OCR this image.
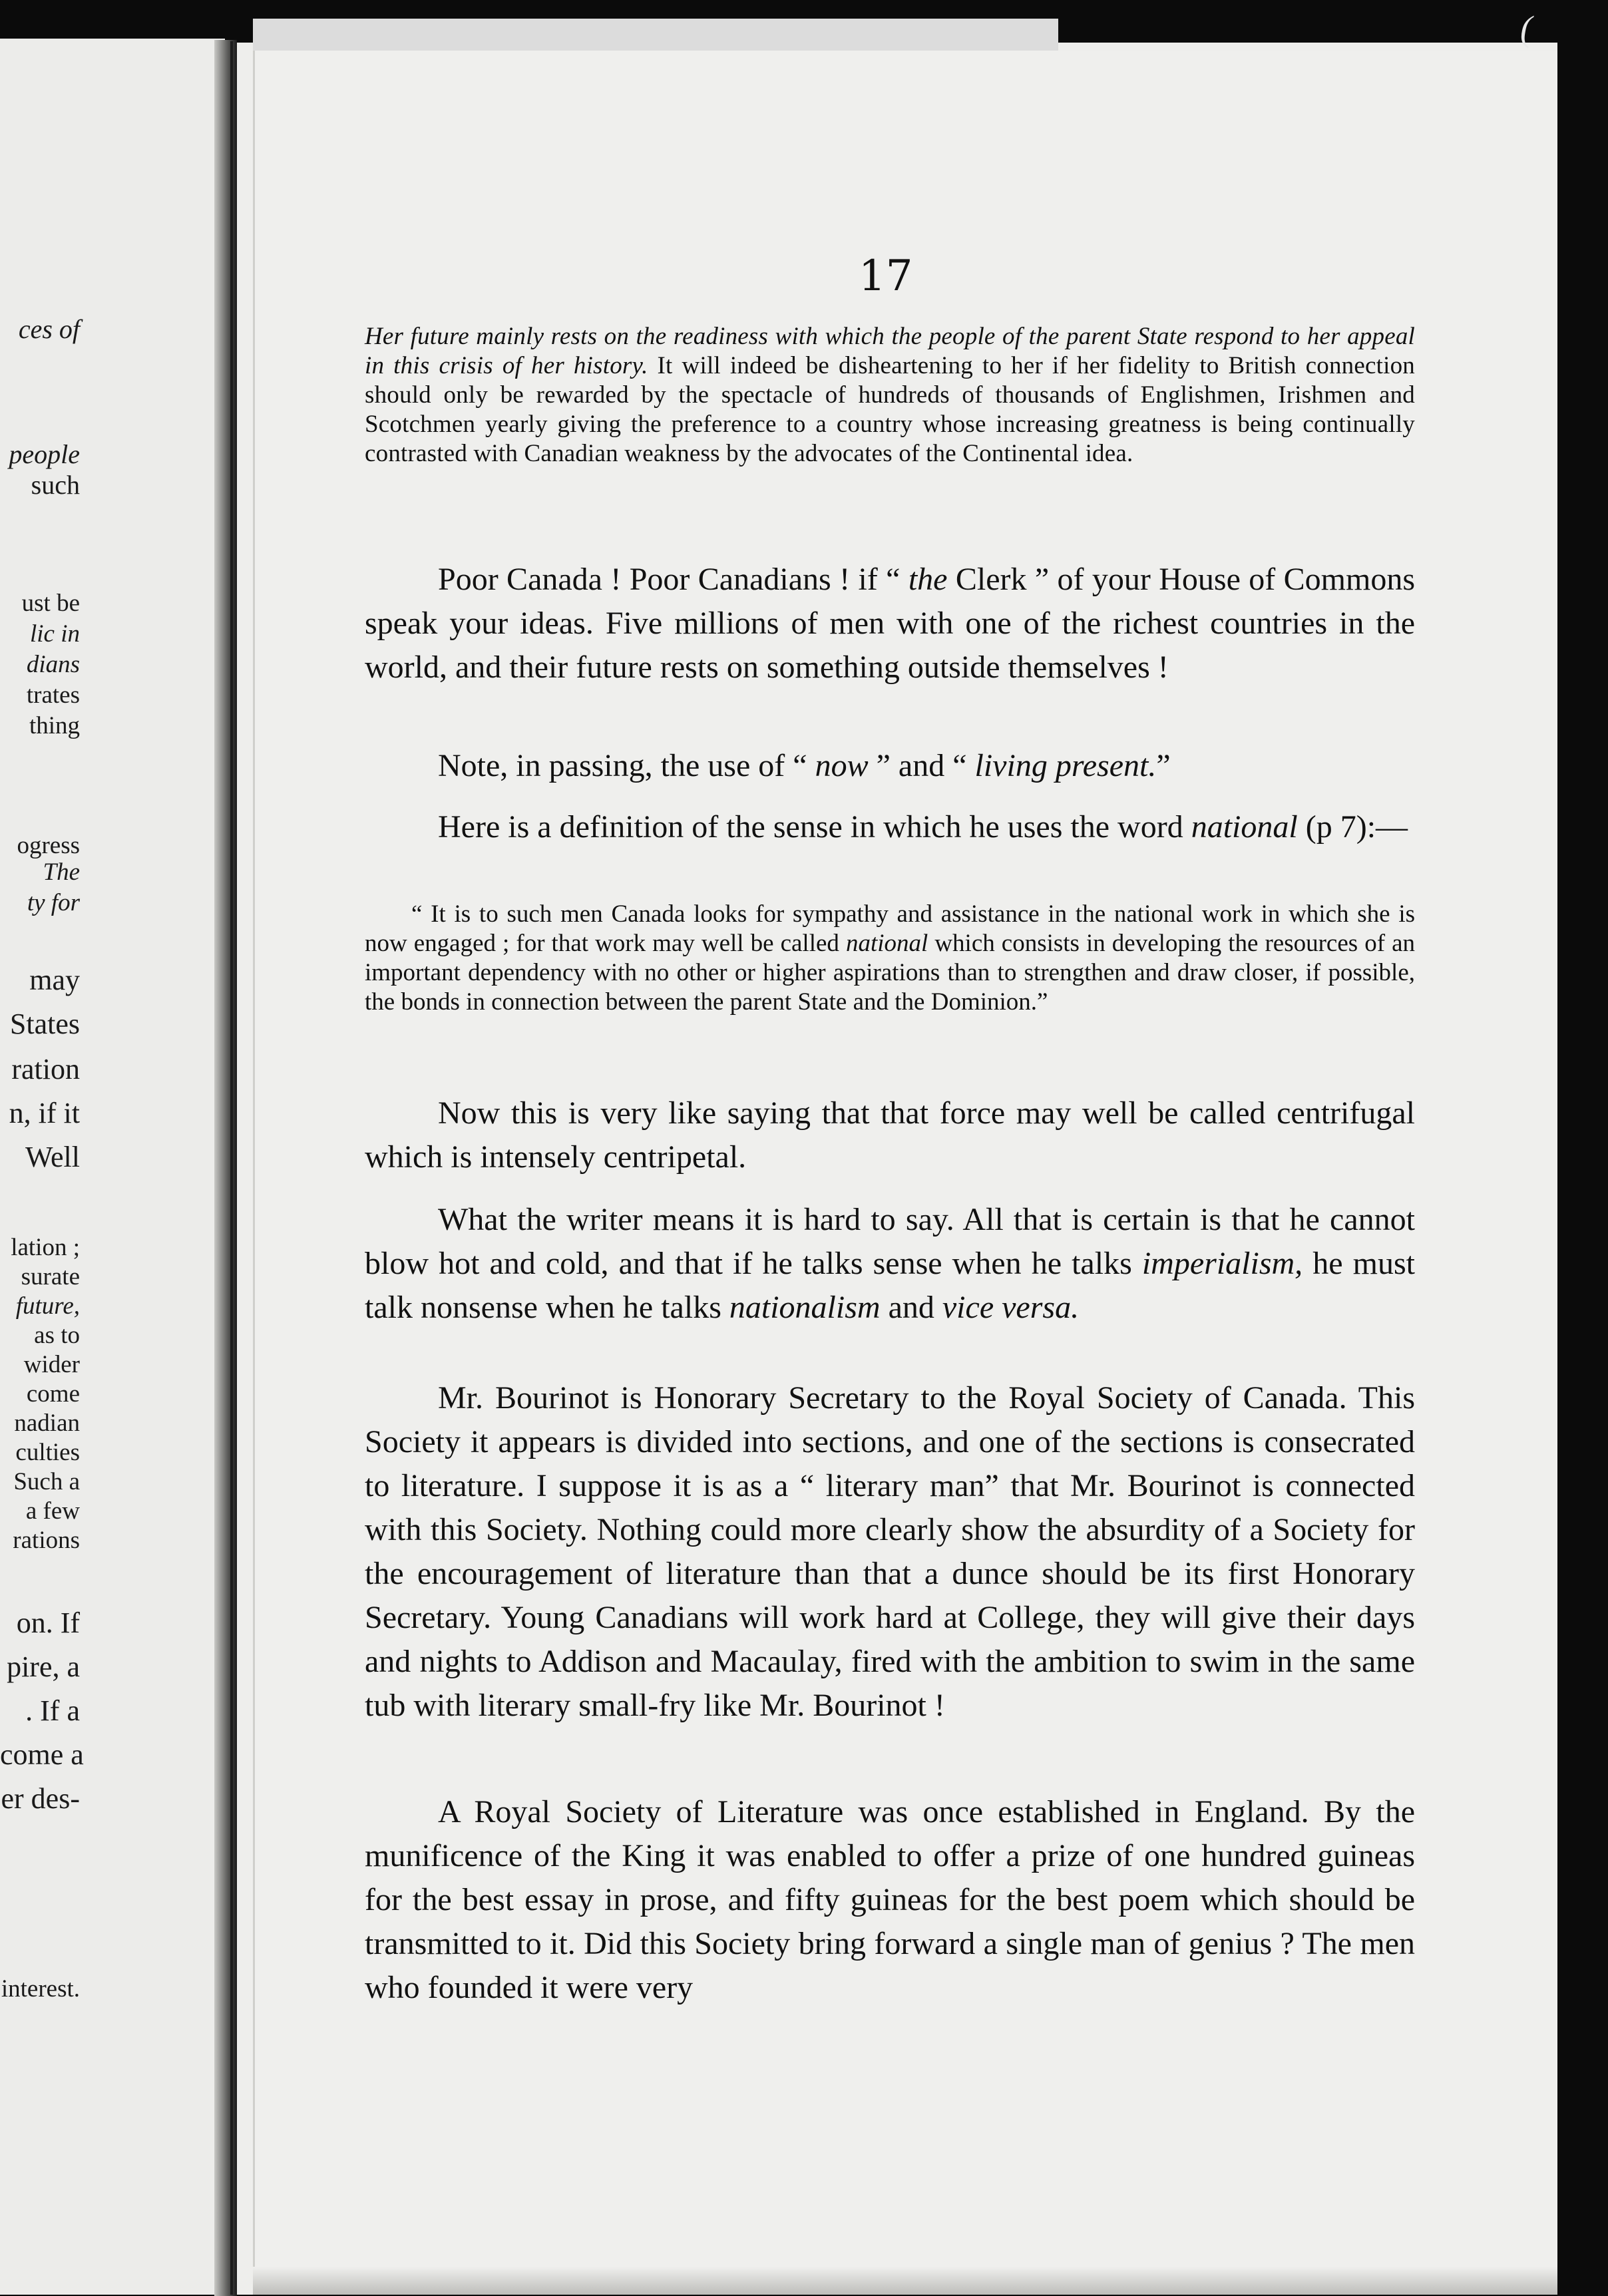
ces of
people
such
ust be
lic in
dians
trates
thing
ogress
The
ty for
may
States
ration
n, if it
Well
lation ;
surate
future,
as to
wider
come
nadian
culties
Such a
a few
rations
on. If
pire, a
. If a
come a
er des-
interest.
(
17

Her future mainly rests on the readiness with which the people of the parent State respond to her appeal in this crisis of her history. It will indeed be disheartening to her if her fidelity to British connection should only be rewarded by the spectacle of hundreds of thousands of Englishmen, Irishmen and Scotchmen yearly giving the preference to a country whose increasing greatness is being continually contrasted with Canadian weakness by the advocates of the Continental idea.

Poor Canada ! Poor Canadians ! if “ the Clerk ” of your House of Commons speak your ideas. Five millions of men with one of the richest countries in the world, and their future rests on something outside themselves !

Note, in passing, the use of “ now ” and “ living present.”

Here is a definition of the sense in which he uses the word national (p 7):—

“ It is to such men Canada looks for sympathy and assistance in the national work in which she is now engaged ; for that work may well be called national which consists in developing the resources of an important dependency with no other or higher aspirations than to strengthen and draw closer, if possible, the bonds in connection between the parent State and the Dominion.”

Now this is very like saying that that force may well be called centrifugal which is intensely centripetal.

What the writer means it is hard to say. All that is certain is that he cannot blow hot and cold, and that if he talks sense when he talks imperialism, he must talk nonsense when he talks nationalism and vice versa.

Mr. Bourinot is Honorary Secretary to the Royal Society of Canada. This Society it appears is divided into sections, and one of the sections is consecrated to literature. I suppose it is as a “ literary man” that Mr. Bourinot is connected with this Society. Nothing could more clearly show the absurdity of a Society for the encouragement of literature than that a dunce should be its first Honorary Secretary. Young Canadians will work hard at College, they will give their days and nights to Addison and Macaulay, fired with the ambition to swim in the same tub with literary small-fry like Mr. Bourinot !

A Royal Society of Literature was once established in England. By the munificence of the King it was enabled to offer a prize of one hundred guineas for the best essay in prose, and fifty guineas for the best poem which should be transmitted to it. Did this Society bring forward a single man of genius ? The men who founded it were very
